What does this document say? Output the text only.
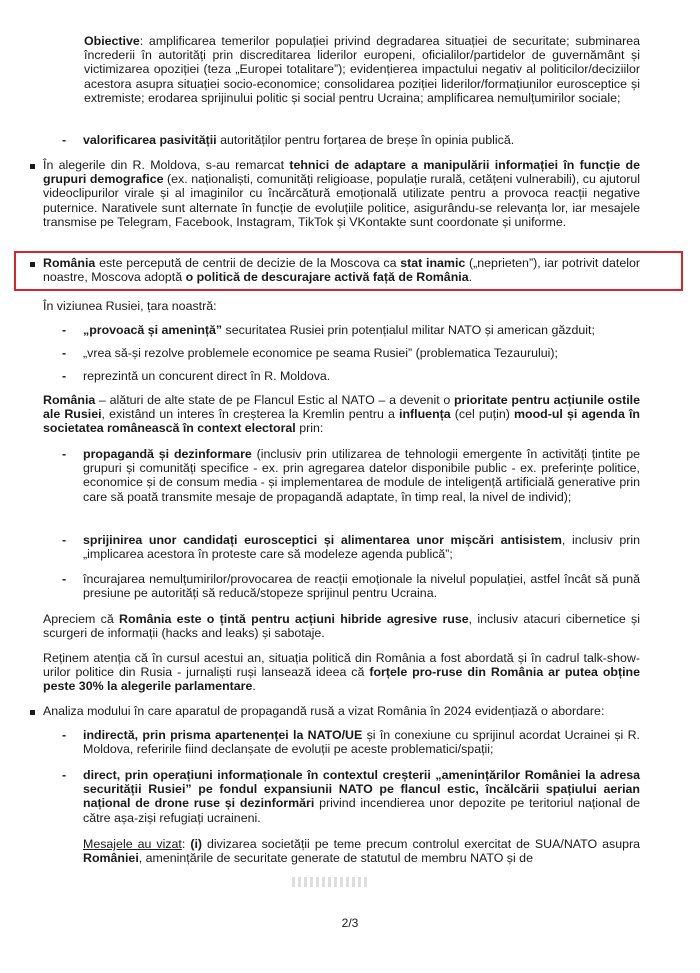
Obiective: amplificarea temerilor populației privind degradarea situației de securitate; subminarea încrederii în autorități prin discreditarea liderilor europeni, oficialilor/partidelor de guvernământ și victimizarea opoziției (teza „Europei totalitare”); evidențierea impactului negativ al politicilor/deciziilor acestora asupra situației socio-economice; consolidarea poziției liderilor/formațiunilor eurosceptice și extremiste; erodarea sprijinului politic și social pentru Ucraina; amplificarea nemulțumirilor sociale;

- valorificarea pasivității autorităților pentru forțarea de breșe în opinia publică.

În alegerile din R. Moldova, s-au remarcat tehnici de adaptare a manipulării informației în funcție de grupuri demografice (ex. naționaliști, comunități religioase, populație rurală, cetățeni vulnerabili), cu ajutorul videoclipurilor virale și al imaginilor cu încărcătură emoțională utilizate pentru a provoca reacții negative puternice. Narativele sunt alternate în funcție de evoluțiile politice, asigurându-se relevanța lor, iar mesajele transmise pe Telegram, Facebook, Instagram, TikTok și VKontakte sunt coordonate și uniforme.

România este percepută de centrii de decizie de la Moscova ca stat inamic („neprieten”), iar potrivit datelor noastre, Moscova adoptă o politică de descurajare activă față de România.

În viziunea Rusiei, țara noastră:

- „provoacă și amenință” securitatea Rusiei prin potențialul militar NATO și american găzduit;

- „vrea să-și rezolve problemele economice pe seama Rusiei” (problematica Tezaurului);

- reprezintă un concurent direct în R. Moldova.

România – alături de alte state de pe Flancul Estic al NATO – a devenit o prioritate pentru acțiunile ostile ale Rusiei, existând un interes în creșterea la Kremlin pentru a influența (cel puțin) mood-ul și agenda în societatea românească în context electoral prin:

- propagandă și dezinformare (inclusiv prin utilizarea de tehnologii emergente în activități țintite pe grupuri și comunități specifice - ex. prin agregarea datelor disponibile public - ex. preferințe politice, economice și de consum media - și implementarea de module de inteligență artificială generative prin care să poată transmite mesaje de propagandă adaptate, în timp real, la nivel de individ);

- sprijinirea unor candidați eurosceptici și alimentarea unor mișcări antisistem, inclusiv prin „implicarea acestora în proteste care să modeleze agenda publică”;

- încurajarea nemulțumirilor/provocarea de reacții emoționale la nivelul populației, astfel încât să pună presiune pe autorități să reducă/stopeze sprijinul pentru Ucraina.

Apreciem că România este o țintă pentru acțiuni hibride agresive ruse, inclusiv atacuri cibernetice și scurgeri de informații (hacks and leaks) și sabotaje.

Reținem atenția că în cursul acestui an, situația politică din România a fost abordată și în cadrul talk-show-urilor politice din Rusia - jurnaliști ruși lansează ideea că forțele pro-ruse din România ar putea obține peste 30% la alegerile parlamentare.

Analiza modului în care aparatul de propagandă rusă a vizat România în 2024 evidențiază o abordare:

- indirectă, prin prisma apartenenței la NATO/UE și în conexiune cu sprijinul acordat Ucrainei și R. Moldova, referirile fiind declanșate de evoluții pe aceste problematici/spații;

- direct, prin operațiuni informaționale în contextul creșterii „amenințărilor României la adresa securității Rusiei” pe fondul expansiunii NATO pe flancul estic, încălcării spațiului aerian național de drone ruse și dezinformări privind incendierea unor depozite pe teritoriul național de către așa-ziși refugiați ucraineni.

Mesajele au vizat: (i) divizarea societății pe teme precum controlul exercitat de SUA/NATO asupra României, amenințările de securitate generate de statutul de membru NATO și de

2/3
